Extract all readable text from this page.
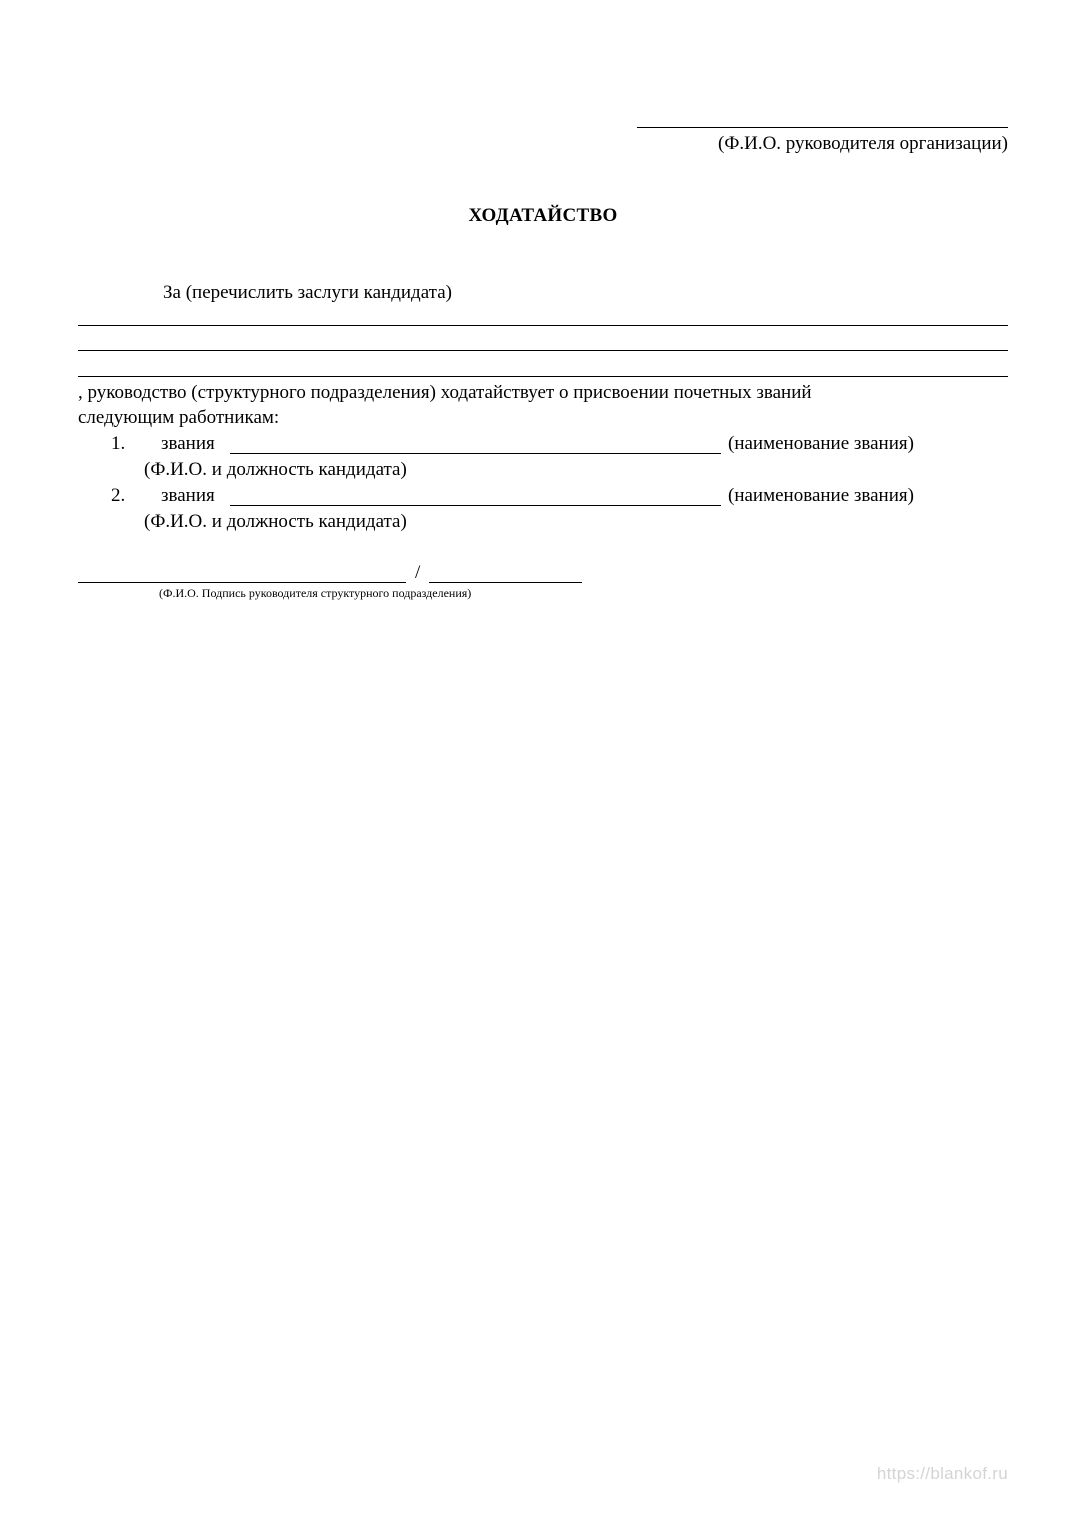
(Ф.И.О. руководителя организации)
ХОДАТАЙСТВО
За (перечислить заслуги кандидата)
, руководство (структурного подразделения) ходатайствует о присвоении почетных званий
следующим работникам:
1. звания	(наименование звания)
(Ф.И.О. и должность кандидата)
2. звания	(наименование звания)
(Ф.И.О. и должность кандидата)
/
(Ф.И.О. Подпись руководителя структурного подразделения)
https://blankof.ru
